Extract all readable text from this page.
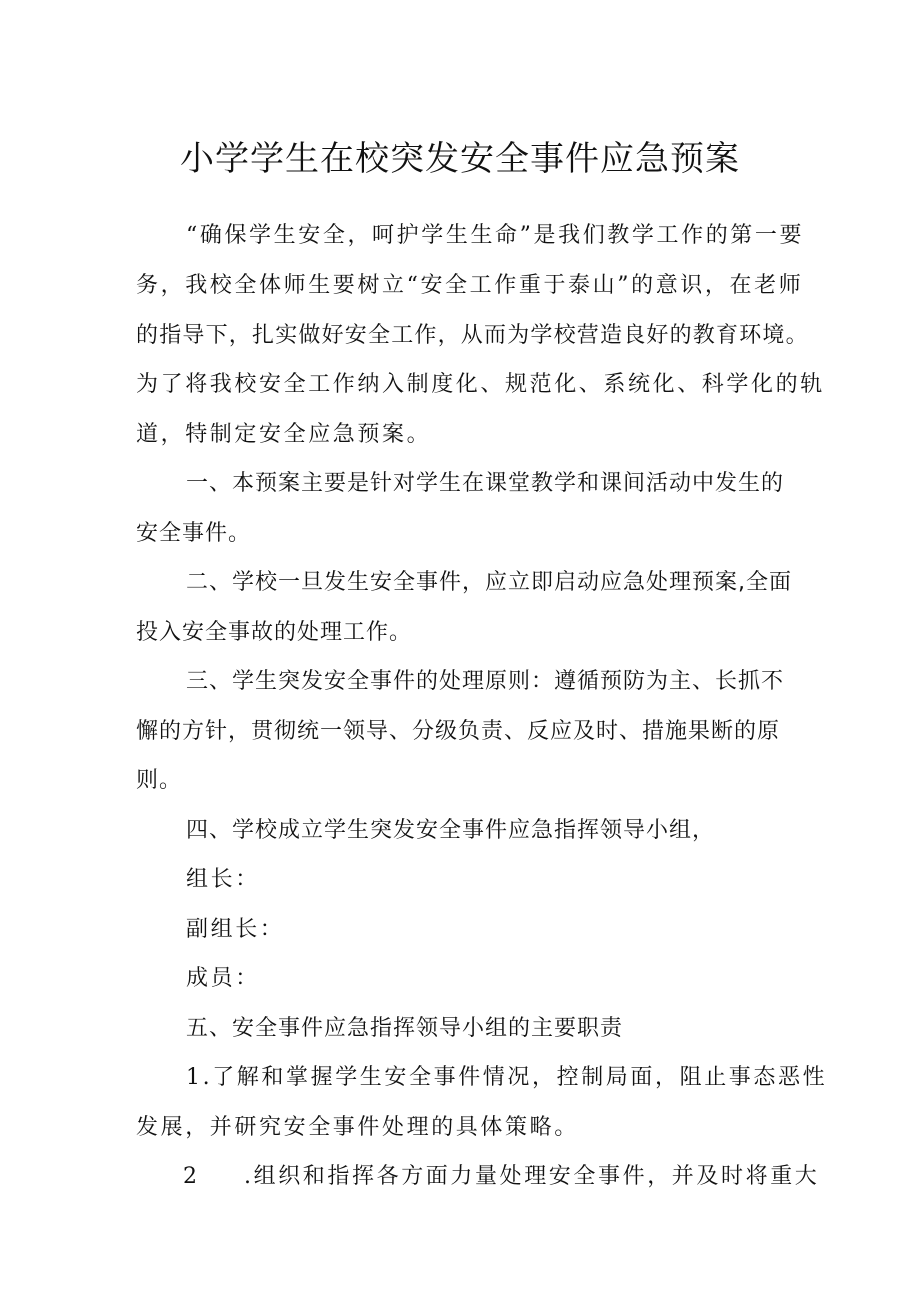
小学学生在校突发安全事件应急预案
“确保学生安全，呵护学生生命”是我们教学工作的第一要
务，我校全体师生要树立“安全工作重于泰山”的意识，在老师
的指导下，扎实做好安全工作，从而为学校营造良好的教育环境。
为了将我校安全工作纳入制度化、规范化、系统化、科学化的轨
道，特制定安全应急预案。
一、本预案主要是针对学生在课堂教学和课间活动中发生的
安全事件。
二、学校一旦发生安全事件，应立即启动应急处理预案,全面
投入安全事故的处理工作。
三、学生突发安全事件的处理原则：遵循预防为主、长抓不
懈的方针，贯彻统一领导、分级负责、反应及时、措施果断的原
则。
四、学校成立学生突发安全事件应急指挥领导小组，
组长：
副组长：
成员：
五、安全事件应急指挥领导小组的主要职责
1.了解和掌握学生安全事件情况，控制局面，阻止事态恶性
发展，并研究安全事件处理的具体策略。
2 .组织和指挥各方面力量处理安全事件，并及时将重大
